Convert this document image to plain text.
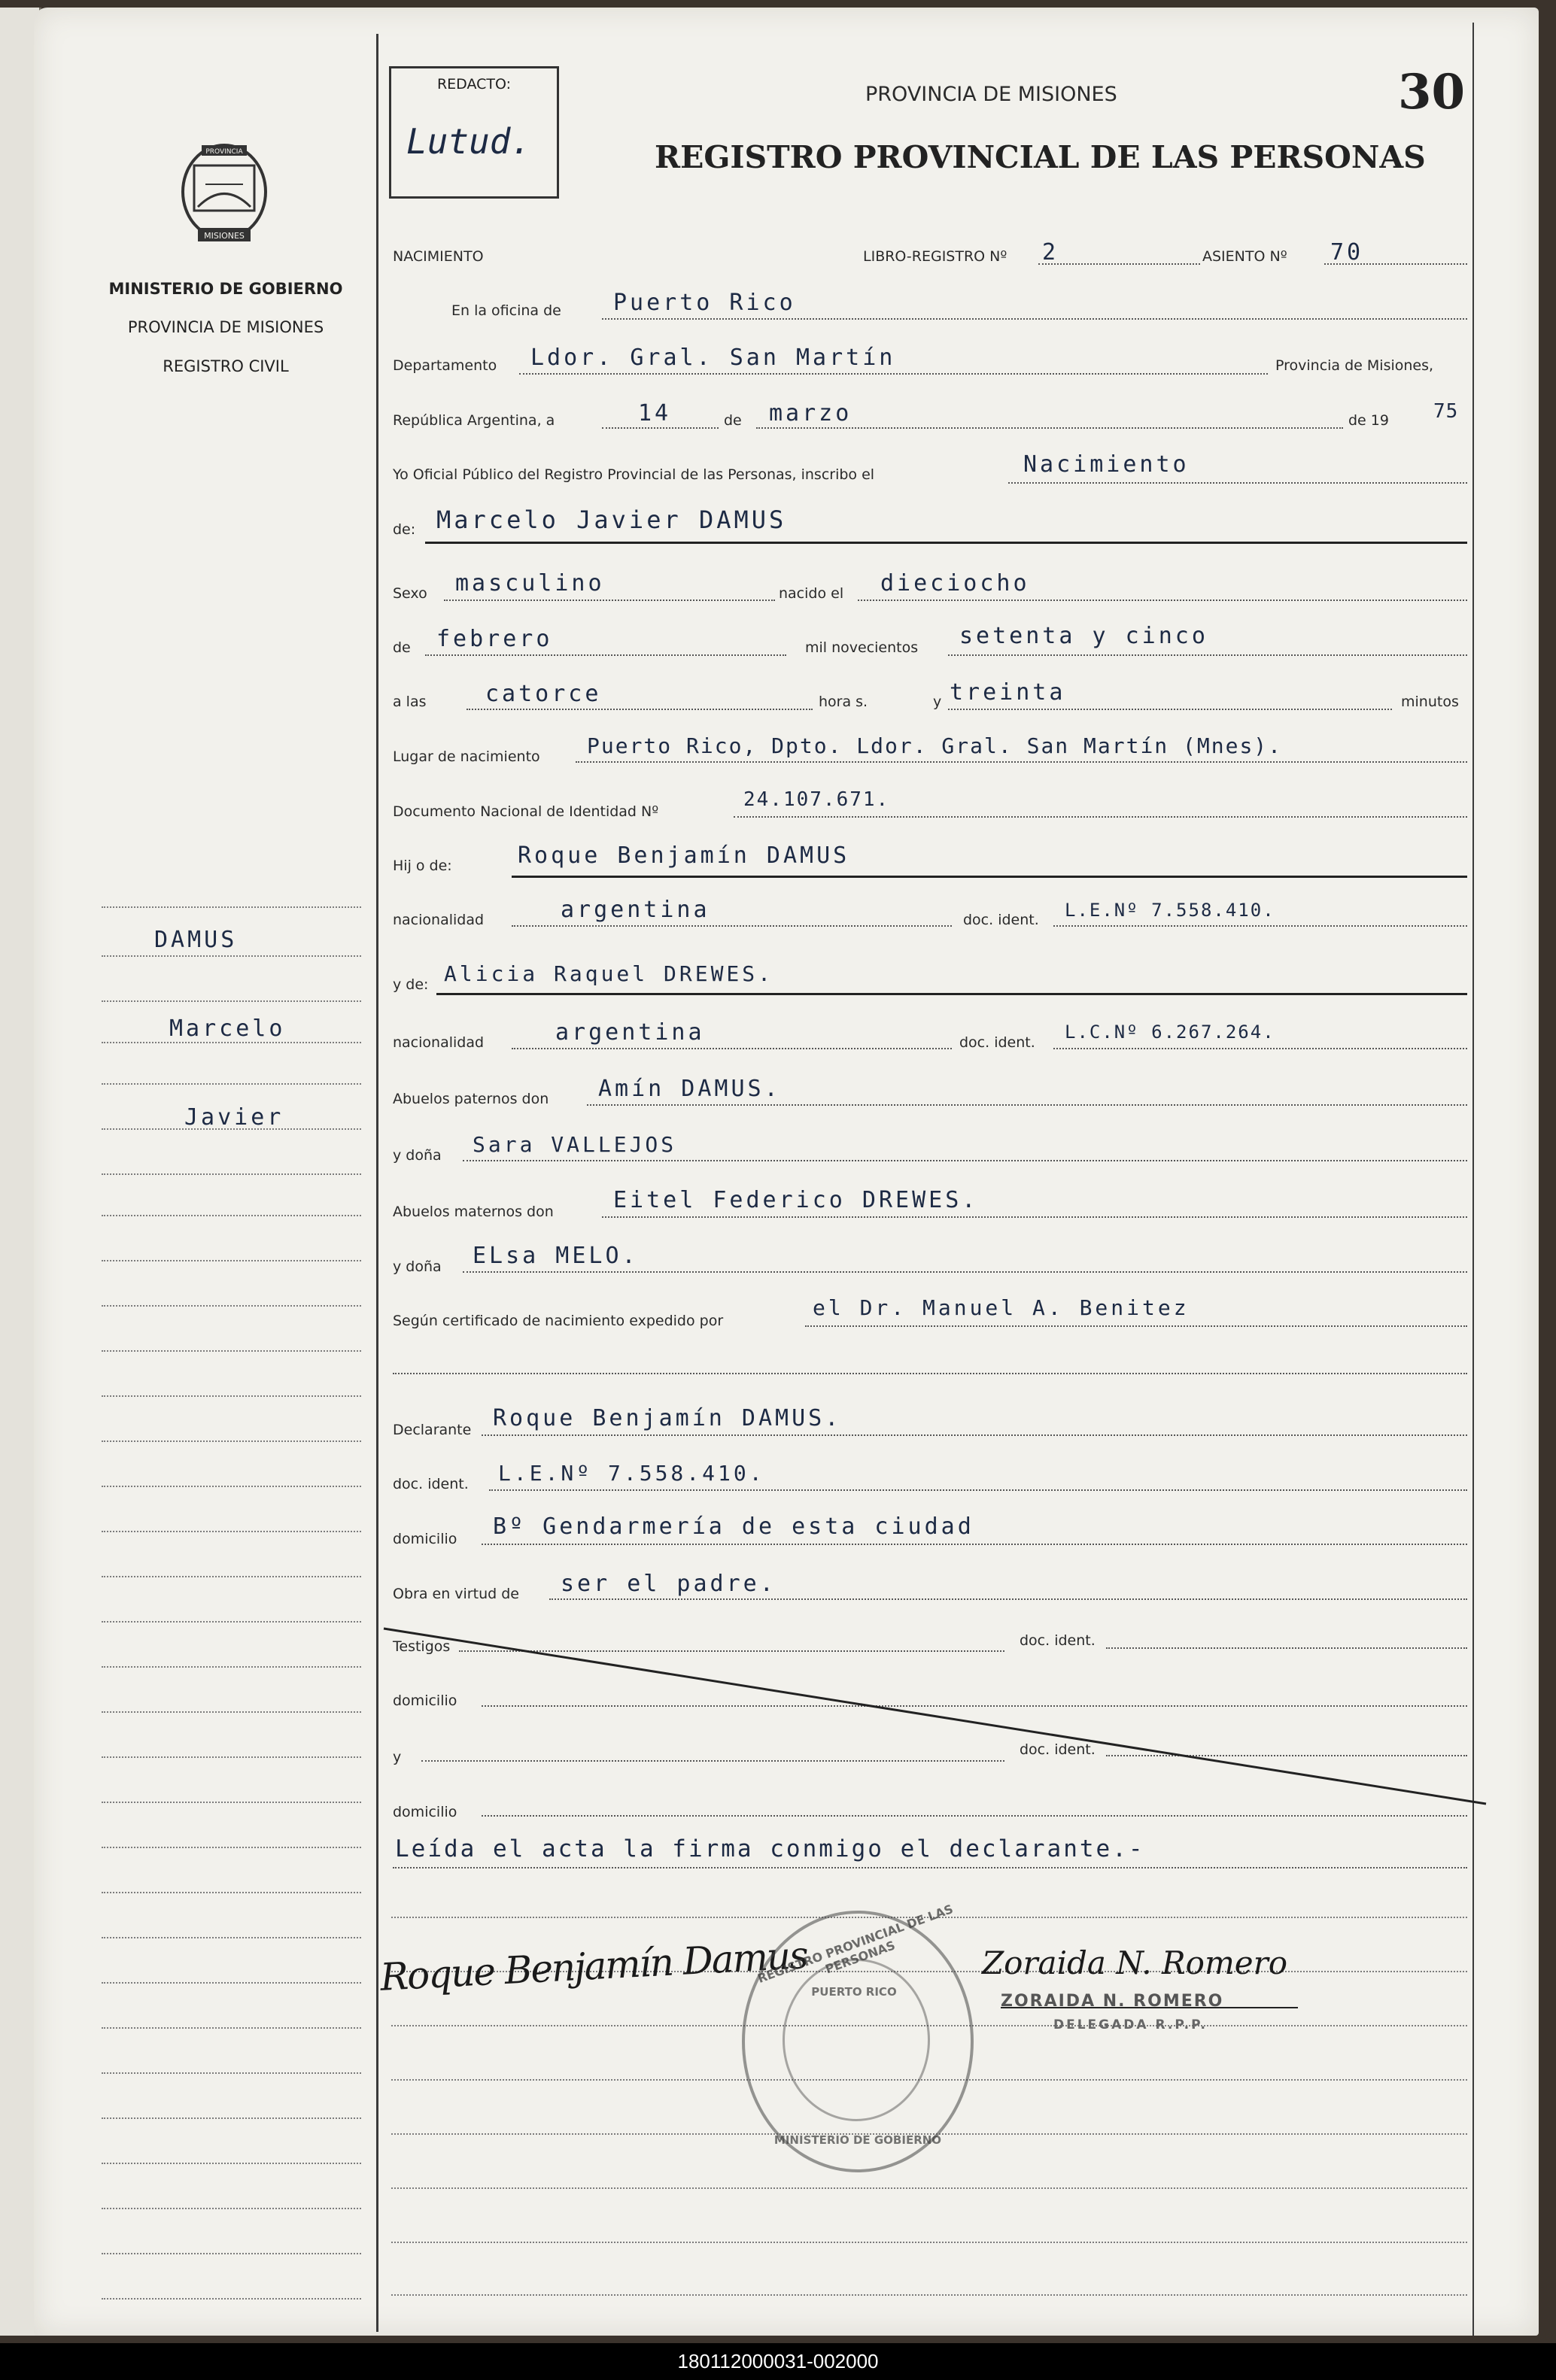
MISIONES
PROVINCIA
MINISTERIO DE GOBIERNO
PROVINCIA DE MISIONES
REGISTRO CIVIL
REDACTO:
Lutud.
PROVINCIA DE MISIONES
REGISTRO PROVINCIAL DE LAS PERSONAS
30
NACIMIENTO	LIBRO-REGISTRO Nº 2	ASIENTO Nº 70
En la oficina de Puerto Rico
Departamento Ldor. Gral. San Martín	Provincia de Misiones,
República Argentina, a	14	de marzo	de 19 75
Yo Oficial Público del Registro Provincial de las Personas, inscribo el	Nacimiento
de: Marcelo Javier DAMUS
Sexo masculino	nacido el dieciocho
de febrero	mil novecientos setenta y cinco
a las	catorce	hora s.	y treinta	minutos
Lugar de nacimiento Puerto Rico, Dpto. Ldor. Gral. San Martín (Mnes).
Documento Nacional de Identidad Nº
24.107.671.
Hij o de:	Roque Benjamín DAMUS
nacionalidad	argentina	doc. ident. L.E.Nº 7.558.410.
y de: Alicia Raquel DREWES.
nacionalidad	argentina	doc. ident. L.C.Nº 6.267.264.
Abuelos paternos don Amín DAMUS.
y doña Sara VALLEJOS
Abuelos maternos don	Eitel Federico DREWES.
y doña ELsa MELO.
Según certificado de nacimiento expedido por
el Dr. Manuel A. Benitez
Declarante Roque Benjamín DAMUS.
doc. ident. L.E.Nº 7.558.410.
domicilio Bº Gendarmería de esta ciudad
Obra en virtud de ser el padre.
Testigos	doc. ident.
domicilio
y	doc. ident.
domicilio
Leída el acta la firma conmigo el declarante.-
Roque Benjamín Damus
REGISTRO PROVINCIAL DE LAS PERSONAS
PUERTO RICO
MINISTERIO DE GOBIERNO
Zoraida N. Romero
ZORAIDA N. ROMERO
DELEGADA R.P.P.
DAMUS
Marcelo
Javier
180112000031-002000
